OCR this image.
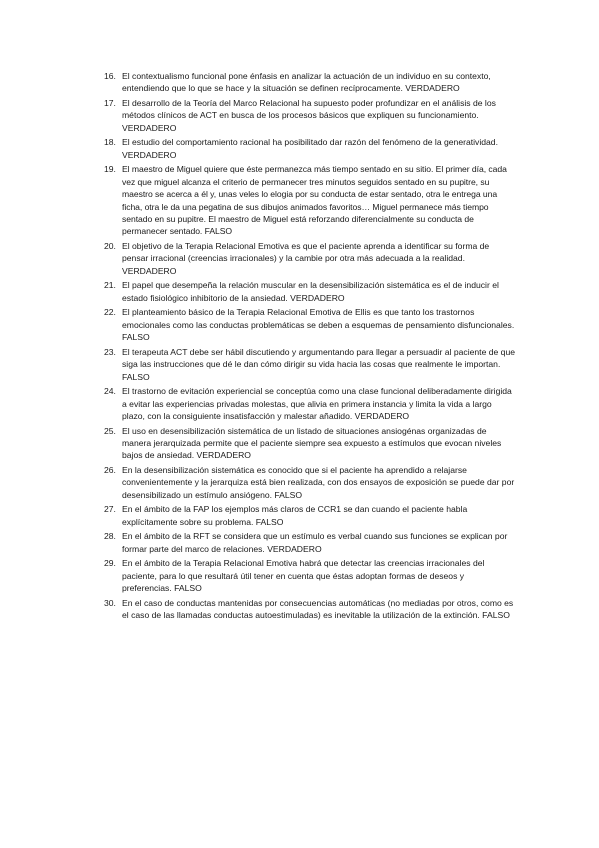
16. El contextualismo funcional pone énfasis en analizar la actuación de un individuo en su contexto, entendiendo que lo que se hace y la situación se definen recíprocamente. VERDADERO
17. El desarrollo de la Teoría del Marco Relacional ha supuesto poder profundizar en el análisis de los métodos clínicos de ACT en busca de los procesos básicos que expliquen su funcionamiento. VERDADERO
18. El estudio del comportamiento racional ha posibilitado dar razón del fenómeno de la generatividad. VERDADERO
19. El maestro de Miguel quiere que éste permanezca más tiempo sentado en su sitio. El primer día, cada vez que miguel alcanza el criterio de permanecer tres minutos seguidos sentado en su pupitre, su maestro se acerca a él y, unas veles lo elogia por su conducta de estar sentado, otra le entrega una ficha, otra le da una pegatina de sus dibujos animados favoritos… Miguel permanece más tiempo sentado en su pupitre. El maestro de Miguel está reforzando diferencialmente su conducta de permanecer sentado. FALSO
20. El objetivo de la Terapia Relacional Emotiva es que el paciente aprenda a identificar su forma de pensar irracional (creencias irracionales) y la cambie por otra más adecuada a la realidad. VERDADERO
21. El papel que desempeña la relación muscular en la desensibilización sistemática es el de inducir el estado fisiológico inhibitorio de la ansiedad. VERDADERO
22. El planteamiento básico de la Terapia Relacional Emotiva de Ellis es que tanto los trastornos emocionales como las conductas problemáticas se deben a esquemas de pensamiento disfuncionales. FALSO
23. El terapeuta ACT debe ser hábil discutiendo y argumentando para llegar a persuadir al paciente de que siga las instrucciones que dé le dan cómo dirigir su vida hacia las cosas que realmente le importan. FALSO
24. El trastorno de evitación experiencial se conceptúa como una clase funcional deliberadamente dirigida a evitar las experiencias privadas molestas, que alivia en primera instancia y limita la vida a largo plazo, con la consiguiente insatisfacción y malestar añadido. VERDADERO
25. El uso en desensibilización sistemática de un listado de situaciones ansiogénas organizadas de manera jerarquizada permite que el paciente siempre sea expuesto a estímulos que evocan niveles bajos de ansiedad. VERDADERO
26. En la desensibilización sistemática es conocido que si el paciente ha aprendido a relajarse convenientemente y la jerarquiza está bien realizada, con dos ensayos de exposición se puede dar por desensibilizado un estímulo ansiógeno. FALSO
27. En el ámbito de la FAP los ejemplos más claros de CCR1 se dan cuando el paciente habla explícitamente sobre su problema. FALSO
28. En el ámbito de la RFT se considera que un estímulo es verbal cuando sus funciones se explican por formar parte del marco de relaciones. VERDADERO
29. En el ámbito de la Terapia Relacional Emotiva habrá que detectar las creencias irracionales del paciente, para lo que resultará útil tener en cuenta que éstas adoptan formas de deseos y preferencias. FALSO
30. En el caso de conductas mantenidas por consecuencias automáticas (no mediadas por otros, como es el caso de las llamadas conductas autoestimuladas) es inevitable la utilización de la extinción. FALSO
